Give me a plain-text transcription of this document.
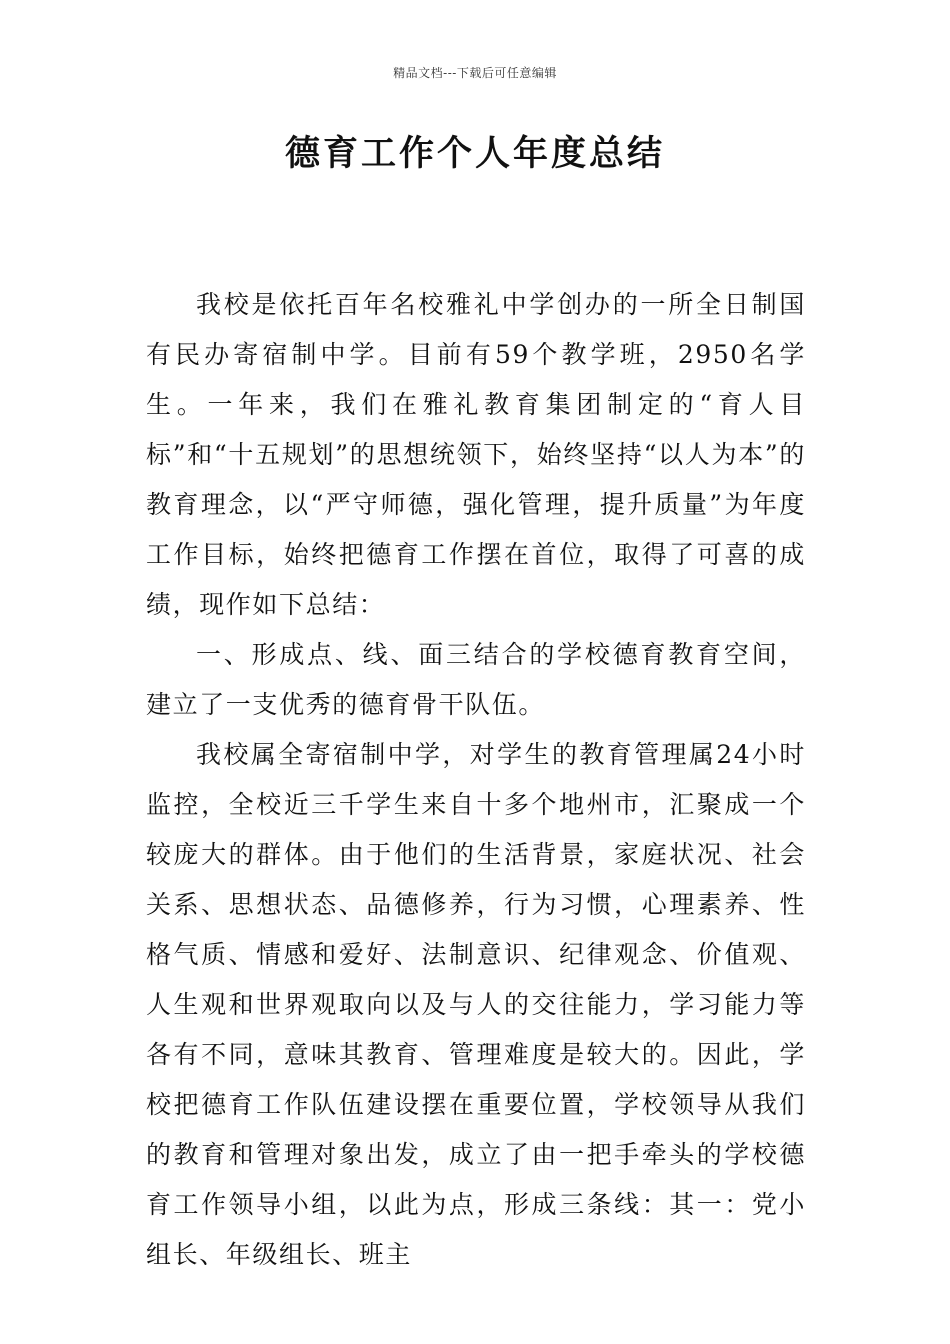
精品文档---下载后可任意编辑
德育工作个人年度总结

我校是依托百年名校雅礼中学创办的一所全日制国有民办寄宿制中学。目前有59个教学班，2950名学生。一年来，我们在雅礼教育集团制定的“育人目标”和“十五规划”的思想统领下，始终坚持“以人为本”的教育理念，以“严守师德，强化管理，提升质量”为年度工作目标，始终把德育工作摆在首位，取得了可喜的成绩，现作如下总结：

一、形成点、线、面三结合的学校德育教育空间，建立了一支优秀的德育骨干队伍。

我校属全寄宿制中学，对学生的教育管理属24小时监控，全校近三千学生来自十多个地州市，汇聚成一个较庞大的群体。由于他们的生活背景，家庭状况、社会关系、思想状态、品德修养，行为习惯，心理素养、性格气质、情感和爱好、法制意识、纪律观念、价值观、人生观和世界观取向以及与人的交往能力，学习能力等各有不同，意味其教育、管理难度是较大的。因此，学校把德育工作队伍建设摆在重要位置，学校领导从我们的教育和管理对象出发，成立了由一把手牵头的学校德育工作领导小组，以此为点，形成三条线：其一：党小组长、年级组长、班主
